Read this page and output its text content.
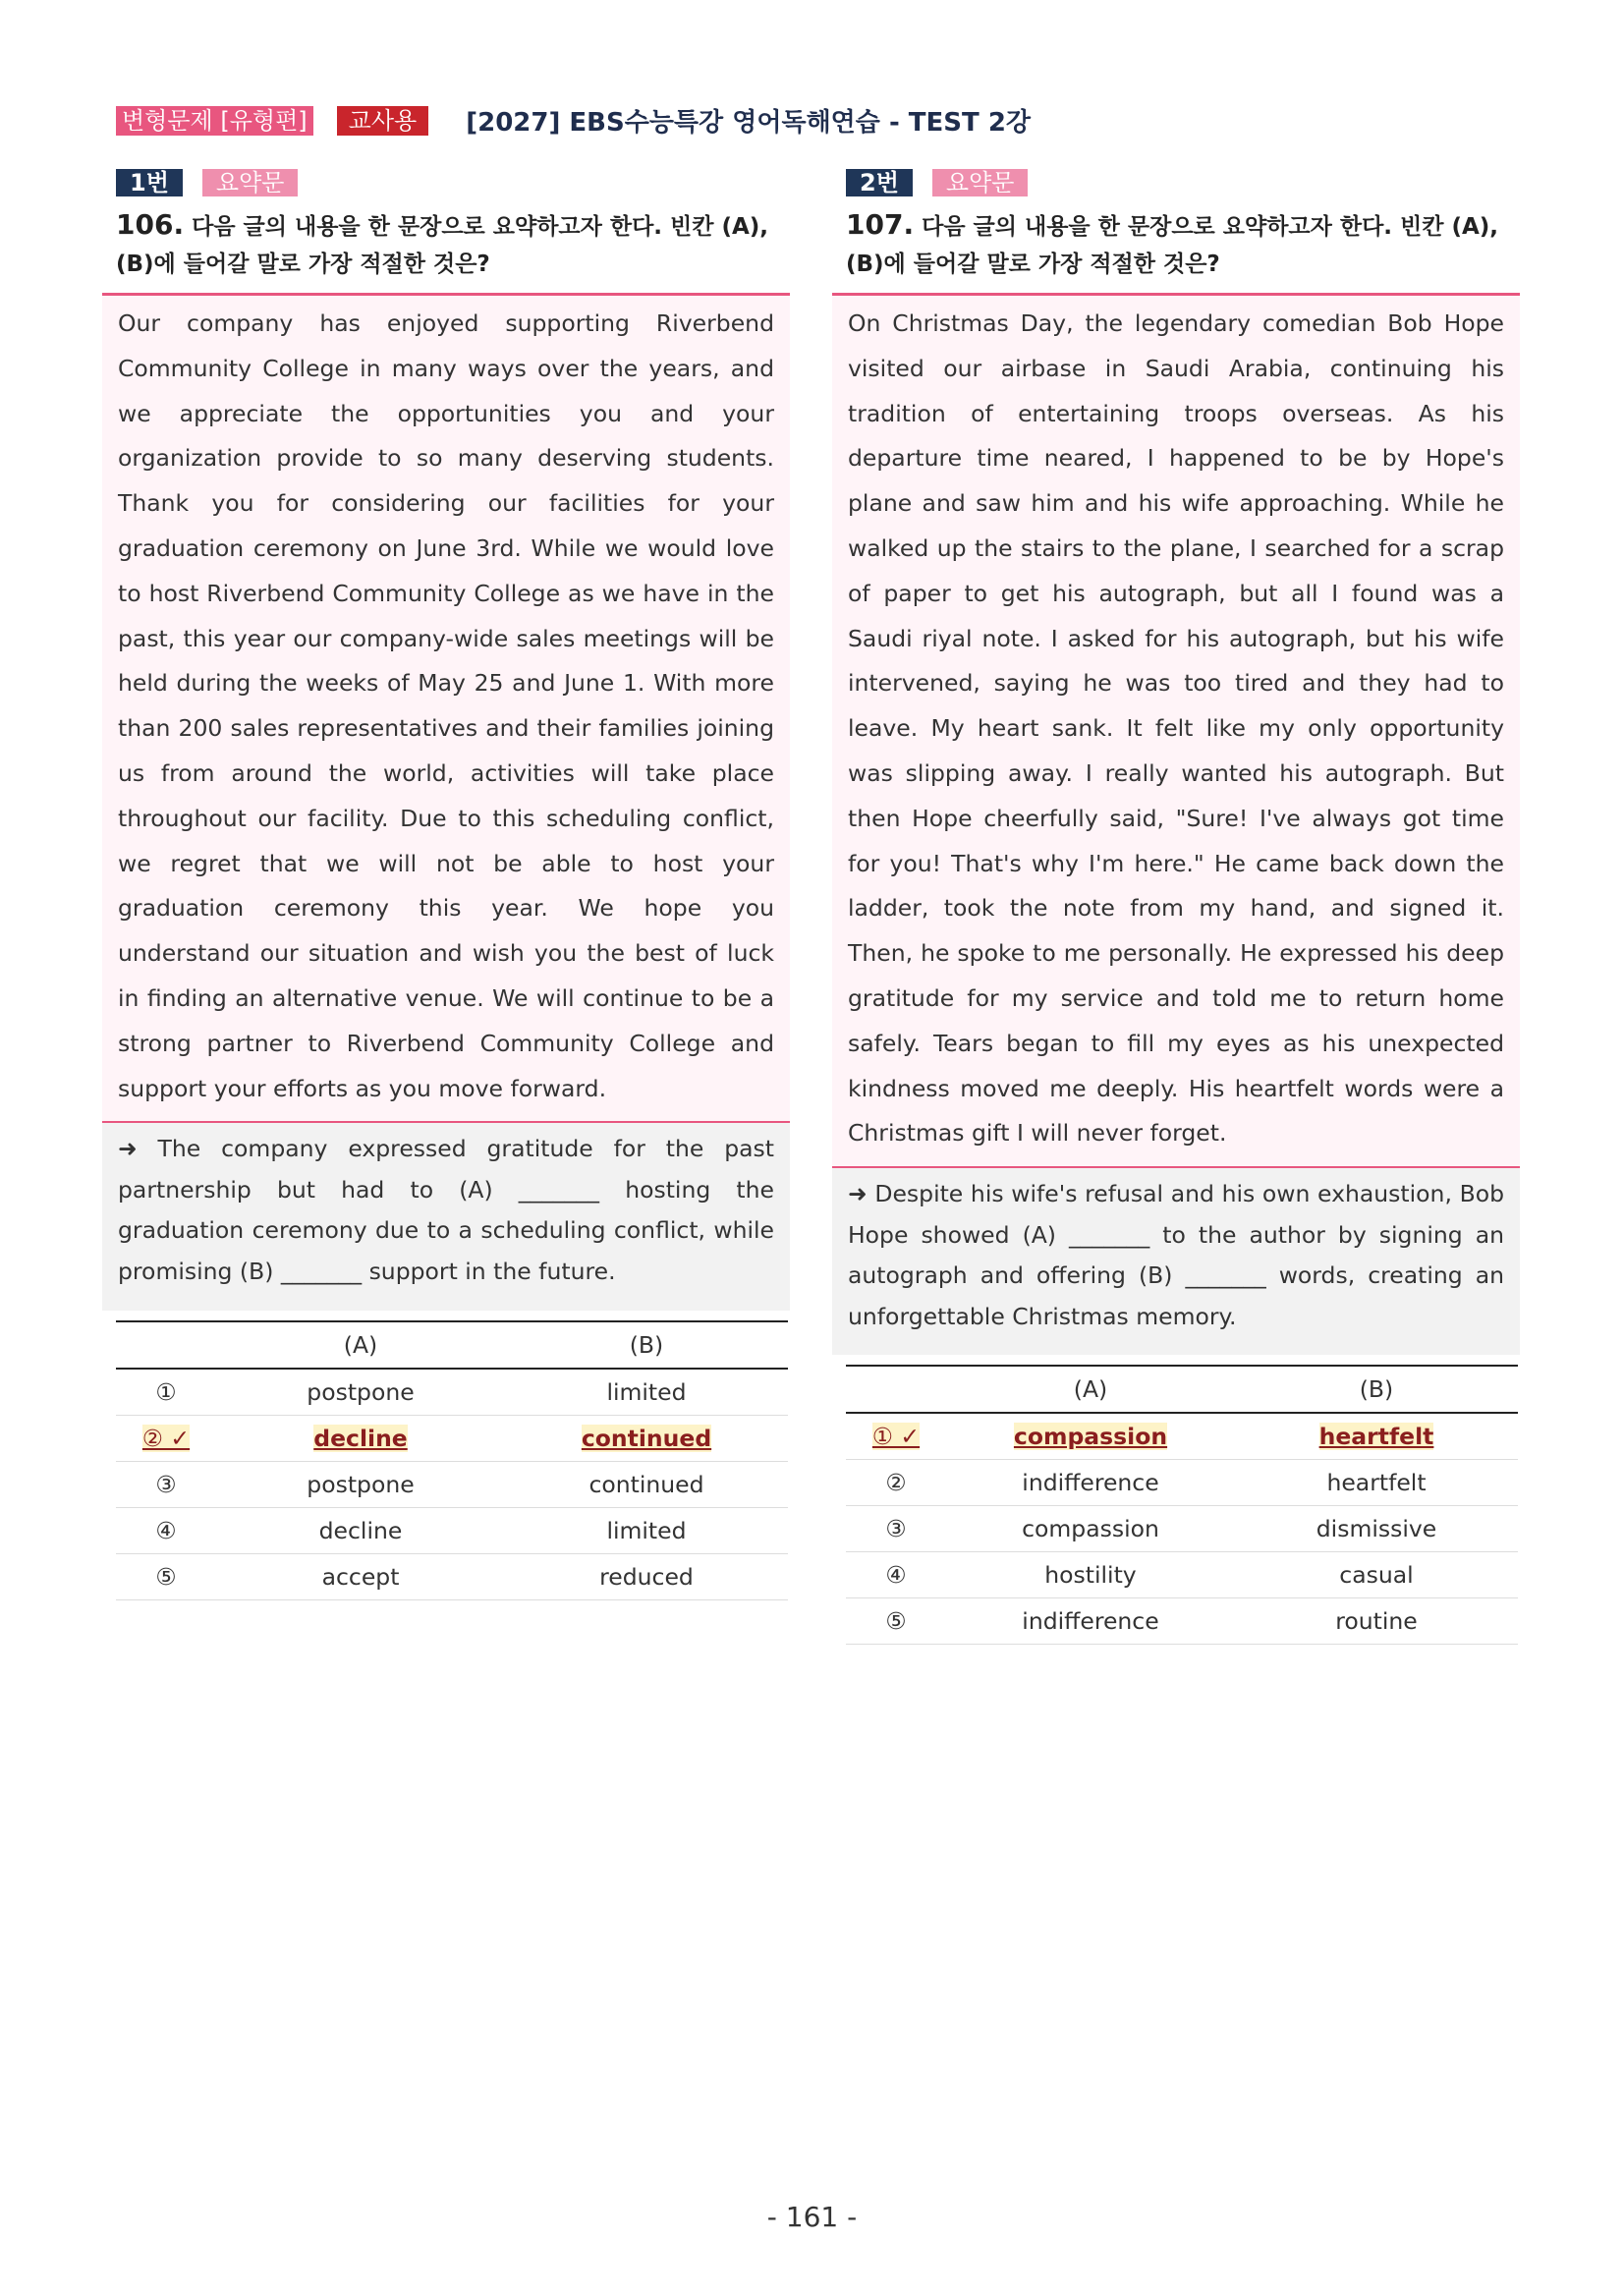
변형문제 [유형편]	교사용	[2027] EBS수능특강 영어독해연습 - TEST 2강
1번	요약문
106. 다음 글의 내용을 한 문장으로 요약하고자 한다. 빈칸 (A), (B)에 들어갈 말로 가장 적절한 것은?
Our company has enjoyed supporting Riverbend Community College in many ways over the years, and we appreciate the opportunities you and your organization provide to so many deserving students. Thank you for considering our facilities for your graduation ceremony on June 3rd. While we would love to host Riverbend Community College as we have in the past, this year our company-wide sales meetings will be held during the weeks of May 25 and June 1. With more than 200 sales representatives and their families joining us from around the world, activities will take place throughout our facility. Due to this scheduling conflict, we regret that we will not be able to host your graduation ceremony this year. We hope you understand our situation and wish you the best of luck in finding an alternative venue. We will continue to be a strong partner to Riverbend Community College and support your efforts as you move forward.
➜ The company expressed gratitude for the past partnership but had to (A) _______ hosting the graduation ceremony due to a scheduling conflict, while promising (B) _______ support in the future.
	(A)	(B)
①	postpone	limited
② ✓	decline	continued
③	postpone	continued
④	decline	limited
⑤	accept	reduced
2번	요약문
107. 다음 글의 내용을 한 문장으로 요약하고자 한다. 빈칸 (A), (B)에 들어갈 말로 가장 적절한 것은?
On Christmas Day, the legendary comedian Bob Hope visited our airbase in Saudi Arabia, continuing his tradition of entertaining troops overseas. As his departure time neared, I happened to be by Hope's plane and saw him and his wife approaching. While he walked up the stairs to the plane, I searched for a scrap of paper to get his autograph, but all I found was a Saudi riyal note. I asked for his autograph, but his wife intervened, saying he was too tired and they had to leave. My heart sank. It felt like my only opportunity was slipping away. I really wanted his autograph. But then Hope cheerfully said, "Sure! I've always got time for you! That's why I'm here." He came back down the ladder, took the note from my hand, and signed it. Then, he spoke to me personally. He expressed his deep gratitude for my service and told me to return home safely. Tears began to fill my eyes as his unexpected kindness moved me deeply. His heartfelt words were a Christmas gift I will never forget.
➜ Despite his wife's refusal and his own exhaustion, Bob Hope showed (A) _______ to the author by signing an autograph and offering (B) _______ words, creating an unforgettable Christmas memory.
	(A)	(B)
① ✓	compassion	heartfelt
②	indifference	heartfelt
③	compassion	dismissive
④	hostility	casual
⑤	indifference	routine
- 161 -
